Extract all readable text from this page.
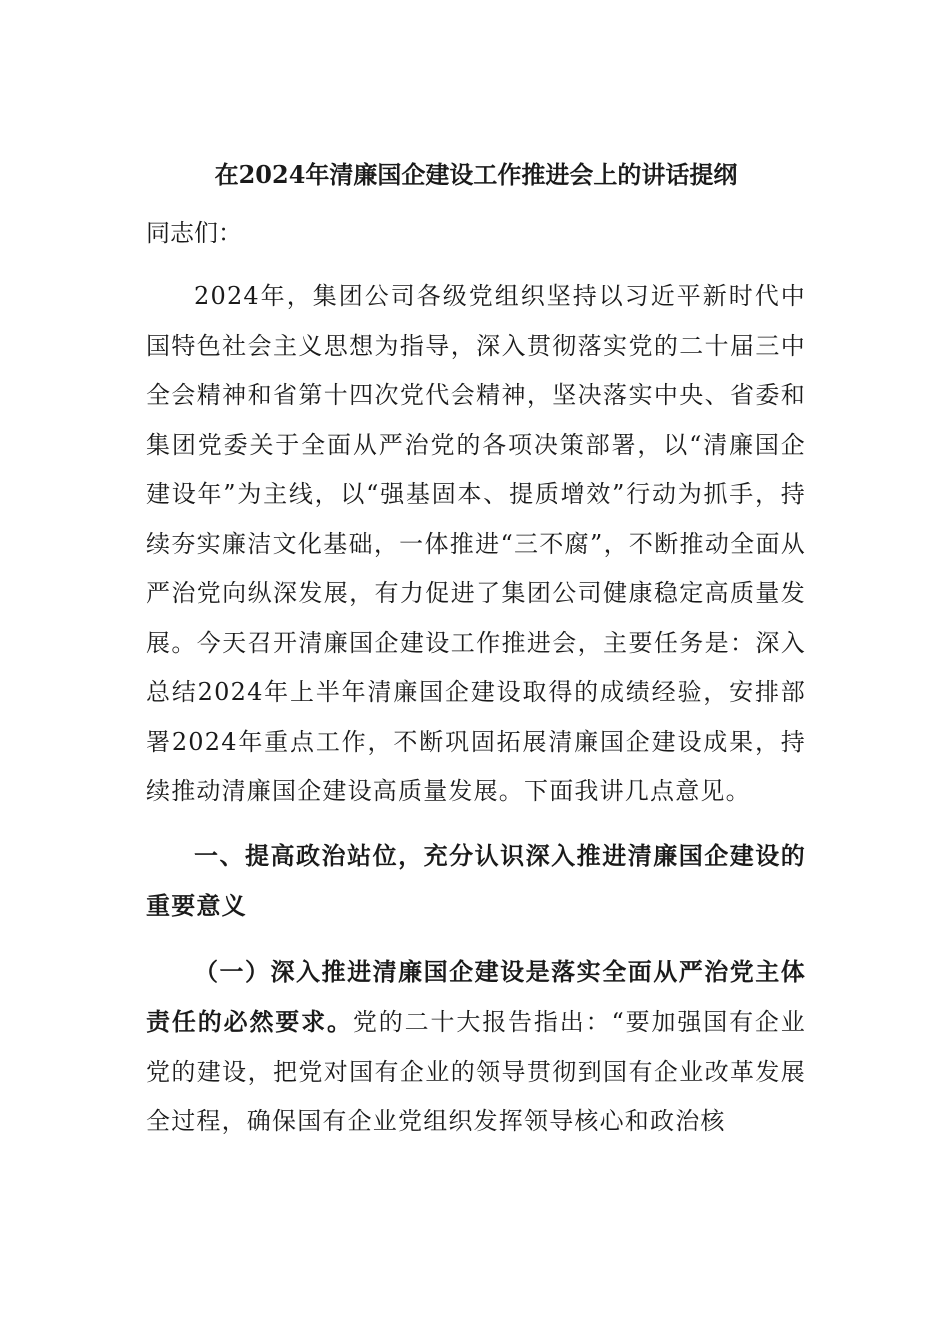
在2024年清廉国企建设工作推进会上的讲话提纲
同志们：

2024年，集团公司各级党组织坚持以习近平新时代中国特色社会主义思想为指导，深入贯彻落实党的二十届三中全会精神和省第十四次党代会精神，坚决落实中央、省委和集团党委关于全面从严治党的各项决策部署，以“清廉国企建设年”为主线，以“强基固本、提质增效”行动为抓手，持续夯实廉洁文化基础，一体推进“三不腐”，不断推动全面从严治党向纵深发展，有力促进了集团公司健康稳定高质量发展。今天召开清廉国企建设工作推进会，主要任务是：深入总结2024年上半年清廉国企建设取得的成绩经验，安排部署2024年重点工作，不断巩固拓展清廉国企建设成果，持续推动清廉国企建设高质量发展。下面我讲几点意见。

一、提高政治站位，充分认识深入推进清廉国企建设的重要意义

（一）深入推进清廉国企建设是落实全面从严治党主体责任的必然要求。党的二十大报告指出：“要加强国有企业党的建设，把党对国有企业的领导贯彻到国有企业改革发展全过程，确保国有企业党组织发挥领导核心和政治核
